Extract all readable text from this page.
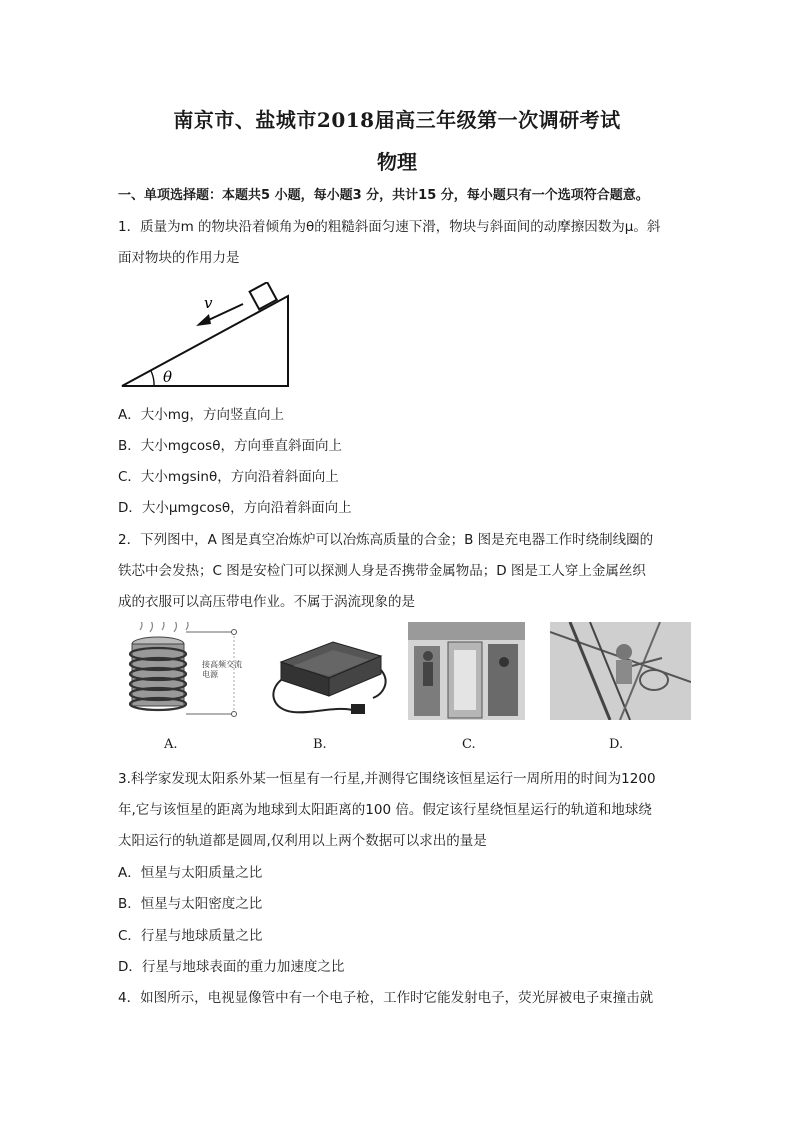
南京市、盐城市2018届高三年级第一次调研考试
物理
一、单项选择题：本题共5 小题，每小题3 分，共计15 分，每小题只有一个选项符合题意。
1．质量为m 的物块沿着倾角为θ的粗糙斜面匀速下滑，物块与斜面间的动摩擦因数为μ。斜
面对物块的作用力是
v
θ
A．大小mg，方向竖直向上
B．大小mgcosθ，方向垂直斜面向上
C．大小mgsinθ，方向沿着斜面向上
D．大小μmgcosθ，方向沿着斜面向上
2．下列图中，A 图是真空冶炼炉可以冶炼高质量的合金；B 图是充电器工作时绕制线圈的
铁芯中会发热；C 图是安检门可以探测人身是否携带金属物品；D 图是工人穿上金属丝织
成的衣服可以高压带电作业。不属于涡流现象的是
接高频交流电源
A.	B.	C.	D.
3.科学家发现太阳系外某一恒星有一行星,并测得它围绕该恒星运行一周所用的时间为1200
年,它与该恒星的距离为地球到太阳距离的100 倍。假定该行星绕恒星运行的轨道和地球绕
太阳运行的轨道都是圆周,仅利用以上两个数据可以求出的量是
A．恒星与太阳质量之比
B．恒星与太阳密度之比
C．行星与地球质量之比
D．行星与地球表面的重力加速度之比
4．如图所示，电视显像管中有一个电子枪，工作时它能发射电子，荧光屏被电子束撞击就
